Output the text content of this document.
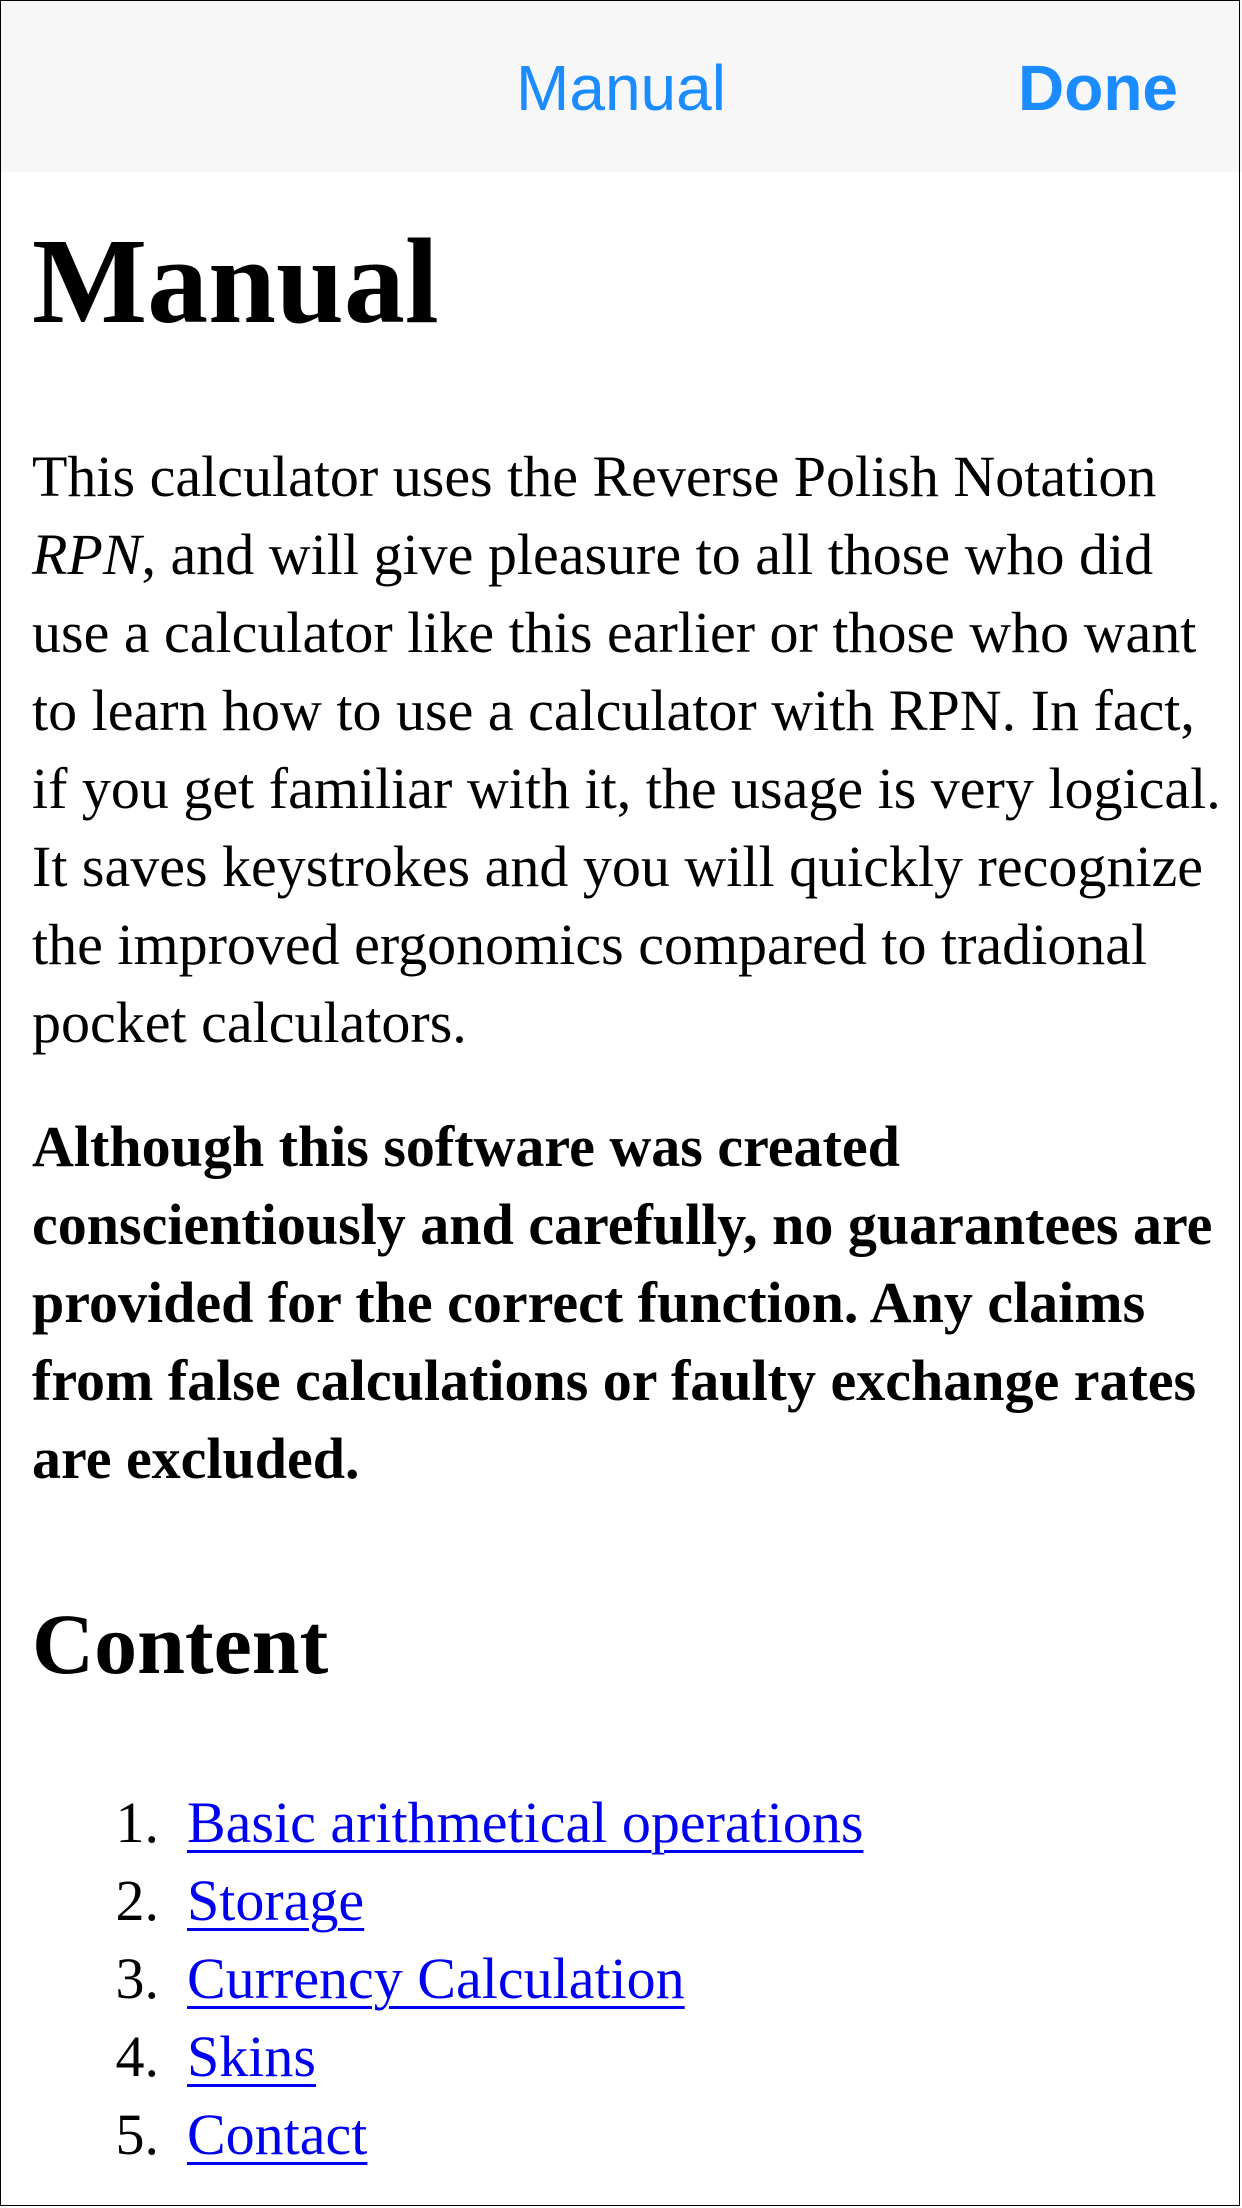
Manual	Done
Manual

This calculator uses the Reverse Polish Notation RPN, and will give pleasure to all those who did use a calculator like this earlier or those who want to learn how to use a calculator with RPN. In fact, if you get familiar with it, the usage is very logical. It saves keystrokes and you will quickly recognize the improved ergonomics compared to tradional pocket calculators.

Although this software was created conscientiously and carefully, no guarantees are provided for the correct function. Any claims from false calculations or faulty exchange rates are excluded.

Content
1. Basic arithmetical operations
2. Storage
3. Currency Calculation
4. Skins
5. Contact
